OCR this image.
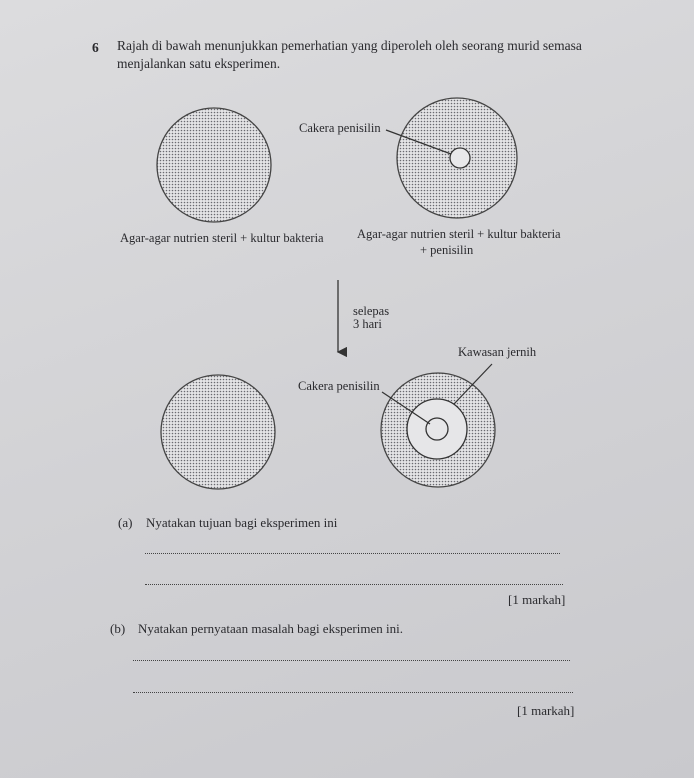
6 Rajah di bawah menunjukkan pemerhatian yang diperoleh oleh seorang murid semasa
menjalankan satu eksperimen.
Cakera penisilin
Agar-agar nutrien steril + kultur bakteria	Agar-agar nutrien steril + kultur bakteria
+ penisilin
selepas
3 hari
Kawasan jernih
Cakera penisilin
(a) Nyatakan tujuan bagi eksperimen ini
[1 markah]
(b) Nyatakan pernyataan masalah bagi eksperimen ini.
[1 markah]
